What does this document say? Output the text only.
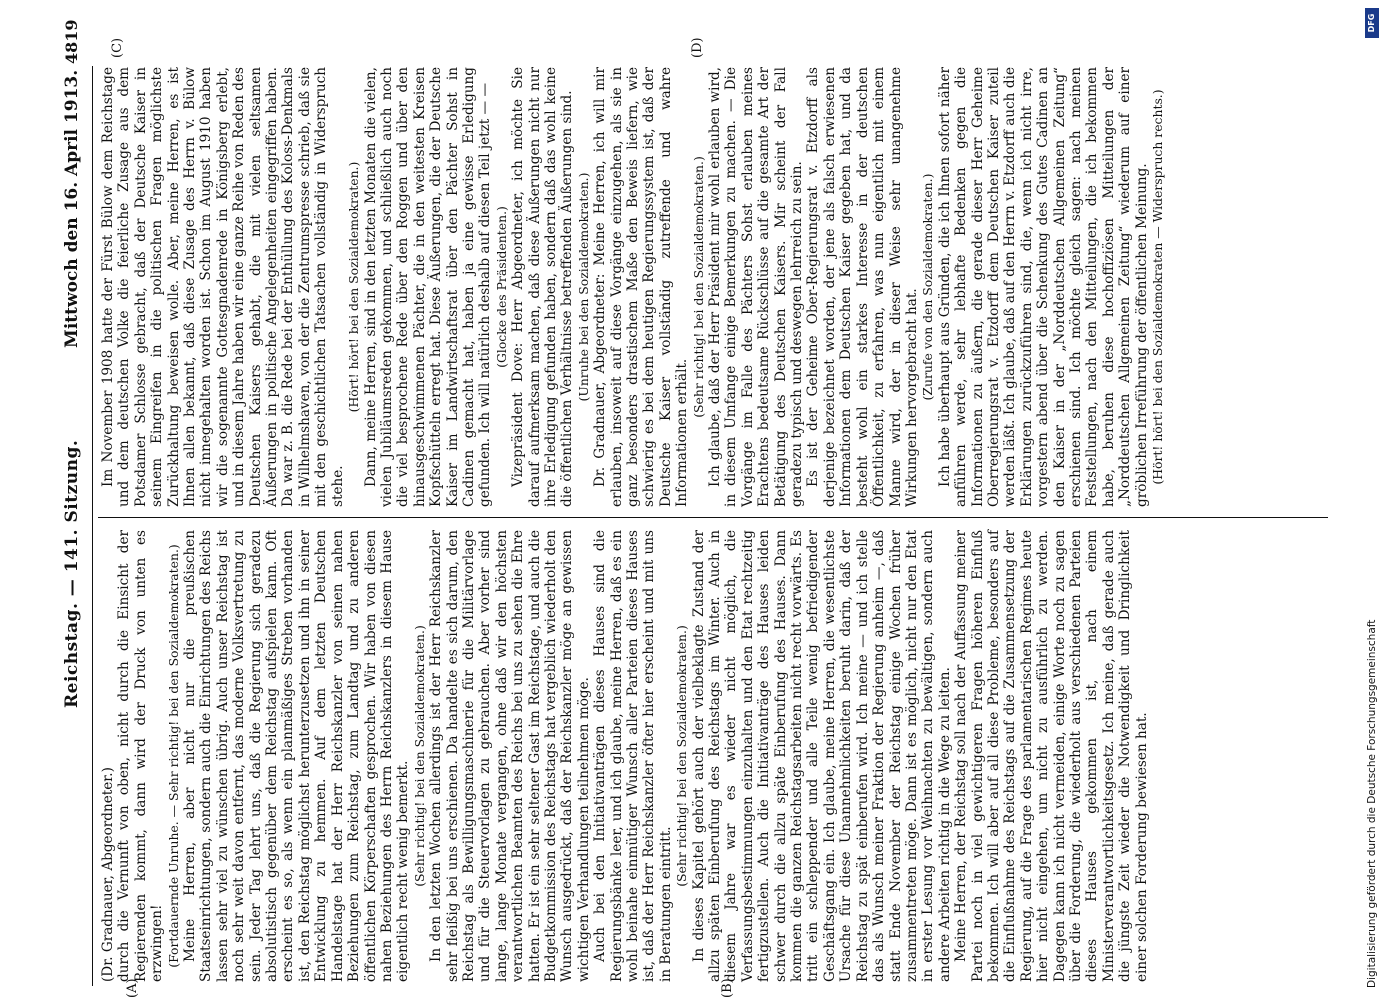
Reichstag. — 141. Sitzung.
4819
Mittwoch den 16. April 1913.
(A)	(B)
(C)	(D)

(Dr. Gradnauer, Abgeordneter.) durch die Vernunft von oben, nicht durch die Einsicht der Regierenden kommt, dann wird der Druck von unten es erzwingen! (Fortdauernde Unruhe. — Sehr richtig! bei den Sozialdemokraten.) Meine Herren, aber nicht nur die preußischen Staatseinrichtungen, sondern auch die Einrichtungen des Reichs lassen sehr viel zu wünschen übrig. Auch unser Reichstag ist noch sehr weit davon entfernt, das moderne Volksvertretung zu sein. Jeder Tag lehrt uns, daß die Regierung sich geradezu absolutistisch gegenüber dem Reichstag aufspielen kann. Oft erscheint es so, als wenn ein planmäßiges Streben vorhanden ist, den Reichstag möglichst herunterzusetzen und ihn in seiner Entwicklung zu hemmen. Auf dem letzten Deutschen Handelstage hat der Herr Reichskanzler von seinen nahen Beziehungen zum Reichstag, zum Landtag und zu anderen öffentlichen Körperschaften gesprochen. Wir haben von diesen nahen Beziehungen des Herrn Reichskanzlers in diesem Hause eigentlich recht wenig bemerkt. (Sehr richtig! bei den Sozialdemokraten.) In den letzten Wochen allerdings ist der Herr Reichskanzler sehr fleißig bei uns erschienen. Da handelte es sich darum, den Reichstag als Bewilligungsmaschinerie für die Militärvorlage und für die Steuervorlagen zu gebrauchen. Aber vorher sind lange, lange Monate vergangen, ohne daß wir den höchsten verantwortlichen Beamten des Reichs bei uns zu sehen die Ehre hatten. Er ist ein sehr seltener Gast im Reichstage, und auch die Budgetkommission des Reichstags hat vergeblich wiederholt den Wunsch ausgedrückt, daß der Reichskanzler möge an gewissen wichtigen Verhandlungen teilnehmen möge. Auch bei den Initiativanträgen dieses Hauses sind die Regierungsbänke leer, und ich glaube, meine Herren, daß es ein wohl beinahe einmütiger Wunsch aller Parteien dieses Hauses ist, daß der Herr Reichskanzler öfter hier erscheint und mit uns in Beratungen eintritt.

(Sehr richtig! bei den Sozialdemokraten.) In dieses Kapitel gehört auch der vielbeklagte Zustand der allzu späten Einberufung des Reichstags im Winter. Auch in diesem Jahre war es wieder nicht möglich, die Verfassungsbestimmungen einzuhalten und den Etat rechtzeitig fertigzustellen. Auch die Initiativanträge des Hauses leiden schwer durch die allzu späte Einberufung des Hauses. Dann kommen die ganzen Reichstagsarbeiten nicht recht vorwärts. Es tritt ein schleppender und alle Teile wenig befriedigender Geschäftsgang ein. Ich glaube, meine Herren, die wesentlichste Ursache für diese Unannehmlichkeiten beruht darin, daß der Reichstag zu spät einberufen wird. Ich meine — und ich stelle das als Wunsch meiner Fraktion der Regierung anheim —, daß statt Ende November der Reichstag einige Wochen früher zusammentreten möge. Dann ist es möglich, nicht nur den Etat in erster Lesung vor Weihnachten zu bewältigen, sondern auch andere Arbeiten richtig in die Wege zu leiten. Meine Herren, der Reichstag soll nach der Auffassung meiner Partei noch in viel gewichtigeren Fragen höheren Einfluß bekommen. Ich will aber auf all diese Probleme, besonders auf die Einflußnahme des Reichstags auf die Zusammensetzung der Regierung, auf die Frage des parlamentarischen Regimes heute hier nicht eingehen, um nicht zu ausführlich zu werden. Dagegen kann ich nicht vermeiden, einige Worte noch zu sagen über die Forderung, die wiederholt aus verschiedenen Parteien dieses Hauses gekommen ist, nach einem Ministerverantwortlichkeitsgesetz. Ich meine, daß gerade auch die jüngste Zeit wieder die Notwendigkeit und Dringlichkeit einer solchen Forderung bewiesen hat.

Im November 1908 hatte der Fürst Bülow dem Reichstage und dem deutschen Volke die feierliche Zusage aus dem Potsdamer Schlosse gebracht, daß der Deutsche Kaiser in seinem Eingreifen in die politischen Fragen möglichste Zurückhaltung beweisen wolle. Aber, meine Herren, es ist Ihnen allen bekannt, daß diese Zusage des Herrn v. Bülow nicht innegehalten worden ist. Schon im August 1910 haben wir die sogenannte Gottesgnadenrede in Königsberg erlebt, und in diesem Jahre haben wir eine ganze Reihe von Reden des Deutschen Kaisers gehabt, die mit vielen seltsamen Äußerungen in politische Angelegenheiten eingegriffen haben. Da war z. B. die Rede bei der Enthüllung des Koloss-Denkmals in Wilhelmshaven, von der die Zentrumspresse schrieb, daß sie mit den geschichtlichen Tatsachen vollständig in Widerspruch stehe.

(Hört! hört! bei den Sozialdemokraten.) Dann, meine Herren, sind in den letzten Monaten die vielen, vielen Jubiläumsreden gekommen, und schließlich auch noch die viel besprochene Rede über den Roggen und über den hinausgeschwimmenen Pächter, die in den weitesten Kreisen Kopfschütteln erregt hat. Diese Äußerungen, die der Deutsche Kaiser im Landwirtschaftsrat über den Pächter Sohst in Cadinen gemacht hat, haben ja eine gewisse Erledigung gefunden. Ich will natürlich deshalb auf diesen Teil jetzt — — (Glocke des Präsidenten.) Vizepräsident Dove: Herr Abgeordneter, ich möchte Sie darauf aufmerksam machen, daß diese Äußerungen nicht nur ihre Erledigung gefunden haben, sondern daß das wohl keine die öffentlichen Verhältnisse betreffenden Äußerungen sind. (Unruhe bei den Sozialdemokraten.) Dr. Gradnauer, Abgeordneter: Meine Herren, ich will mir erlauben, insoweit auf diese Vorgänge einzugehen, als sie in ganz besonders drastischem Maße den Beweis liefern, wie schwierig es bei dem heutigen Regierungssystem ist, daß der Deutsche Kaiser vollständig zutreffende und wahre Informationen erhält.

(Sehr richtig! bei den Sozialdemokraten.) Ich glaube, daß der Herr Präsident mir wohl erlauben wird, in diesem Umfange einige Bemerkungen zu machen. — Die Vorgänge im Falle des Pächters Sohst erlauben meines Erachtens bedeutsame Rückschlüsse auf die gesamte Art der Betätigung des Deutschen Kaisers. Mir scheint der Fall geradezu typisch und deswegen lehrreich zu sein. Es ist der Geheime Ober-Regierungsrat v. Etzdorff als derjenige bezeichnet worden, der jene als falsch erwiesenen Informationen dem Deutschen Kaiser gegeben hat, und da besteht wohl ein starkes Interesse in der deutschen Öffentlichkeit, zu erfahren, was nun eigentlich mit einem Manne wird, der in dieser Weise sehr unangenehme Wirkungen hervorgebracht hat. (Zurufe von den Sozialdemokraten.) Ich habe überhaupt aus Gründen, die ich Ihnen sofort näher anführen werde, sehr lebhafte Bedenken gegen die Informationen zu äußern, die gerade dieser Herr Geheime Oberregierungsrat v. Etzdorff dem Deutschen Kaiser zuteil werden läßt. Ich glaube, daß auf den Herrn v. Etzdorff auch die Erklärungen zurückzuführen sind, die, wenn ich nicht irre, vorgestern abend über die Schenkung des Gutes Cadinen an den Kaiser in der „Norddeutschen Allgemeinen Zeitung“ erschienen sind. Ich möchte gleich sagen: nach meinen Feststellungen, nach den Mitteilungen, die ich bekommen habe, beruhen diese hochoffiziösen Mitteilungen der „Norddeutschen Allgemeinen Zeitung“ wiederum auf einer gröblichen Irreführung der öffentlichen Meinung. (Hört! hört! bei den Sozialdemokraten — Widerspruch rechts.)

DFG
Digitalisierung gefördert durch die Deutsche Forschungsgemeinschaft
